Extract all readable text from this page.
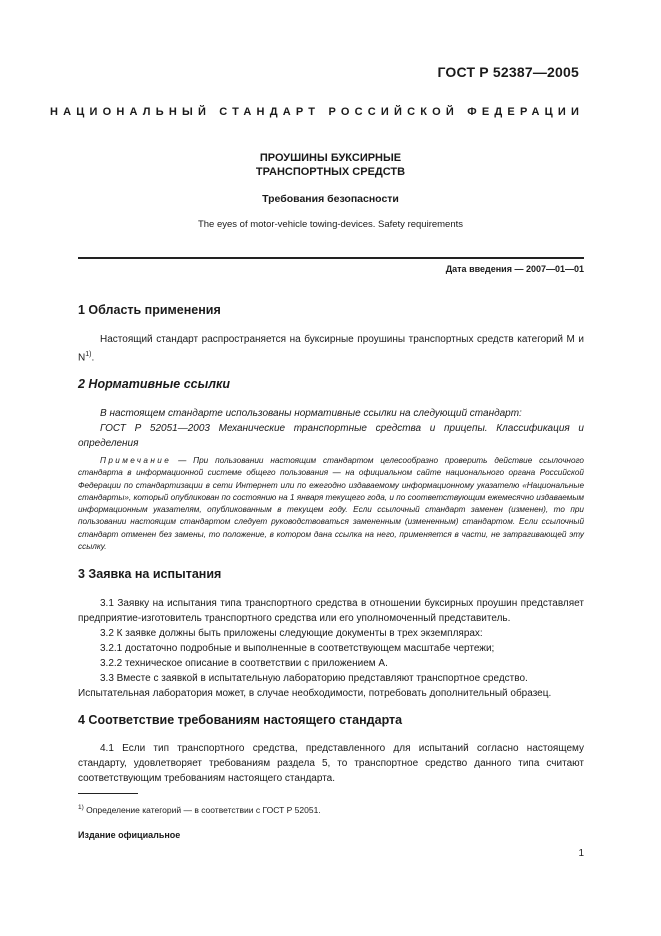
ГОСТ Р 52387—2005
НАЦИОНАЛЬНЫЙ СТАНДАРТ РОССИЙСКОЙ ФЕДЕРАЦИИ
ПРОУШИНЫ БУКСИРНЫЕ
ТРАНСПОРТНЫХ СРЕДСТВ
Требования безопасности
The eyes of motor-vehicle towing-devices. Safety requirements
Дата введения — 2007—01—01
1 Область применения
Настоящий стандарт распространяется на буксирные проушины транспортных средств категорий М и $N^{1)}$.
2 Нормативные ссылки
В настоящем стандарте использованы нормативные ссылки на следующий стандарт:
ГОСТ Р 52051—2003 Механические транспортные средства и прицепы. Классификация и определения
Примечание — При пользовании настоящим стандартом целесообразно проверить действие ссылочного стандарта в информационной системе общего пользования — на официальном сайте национального органа Российской Федерации по стандартизации в сети Интернет или по ежегодно издаваемому информационному указателю «Национальные стандарты», который опубликован по состоянию на 1 января текущего года, и по соответствующим ежемесячно издаваемым информационным указателям, опубликованным в текущем году. Если ссылочный стандарт заменен (изменен), то при пользовании настоящим стандартом следует руководствоваться замененным (измененным) стандартом. Если ссылочный стандарт отменен без замены, то положение, в котором дана ссылка на него, применяется в части, не затрагивающей эту ссылку.
3 Заявка на испытания
3.1 Заявку на испытания типа транспортного средства в отношении буксирных проушин представляет предприятие-изготовитель транспортного средства или его уполномоченный представитель.
3.2 К заявке должны быть приложены следующие документы в трех экземплярах:
3.2.1 достаточно подробные и выполненные в соответствующем масштабе чертежи;
3.2.2 техническое описание в соответствии с приложением А.
3.3 Вместе с заявкой в испытательную лабораторию представляют транспортное средство.
Испытательная лаборатория может, в случае необходимости, потребовать дополнительный образец.
4 Соответствие требованиям настоящего стандарта
4.1 Если тип транспортного средства, представленного для испытаний согласно настоящему стандарту, удовлетворяет требованиям раздела 5, то транспортное средство данного типа считают соответствующим требованиям настоящего стандарта.
$^{1)}$ Определение категорий — в соответствии с ГОСТ Р 52051.
Издание официальное
1
